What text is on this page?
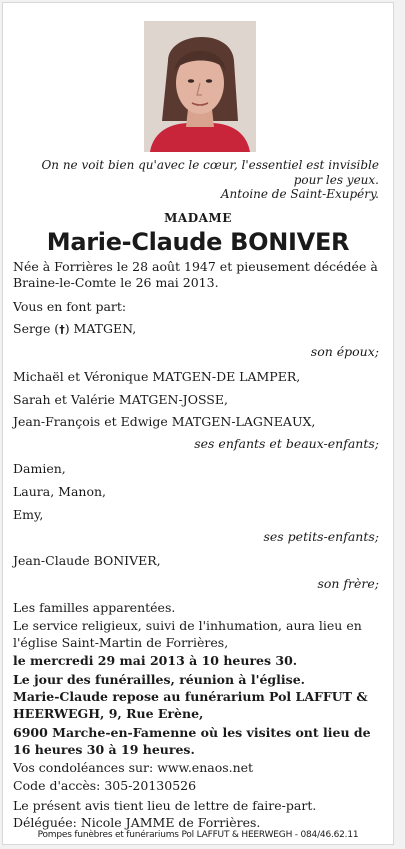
On ne voit bien qu'avec le cœur, l'essentiel est invisible
pour les yeux.
Antoine de Saint-Exupéry.
MADAME
Marie-Claude BONIVER
Née à Forrières le 28 août 1947 et pieusement décédée à
Braine-le-Comte le 26 mai 2013.
Vous en font part:
Serge (†) MATGEN,
son époux;
Michaël et Véronique MATGEN-DE LAMPER,
Sarah et Valérie MATGEN-JOSSE,
Jean-François et Edwige MATGEN-LAGNEAUX,
ses enfants et beaux-enfants;
Damien,
Laura, Manon,
Emy,
ses petits-enfants;
Jean-Claude BONIVER,
son frère;
Les familles apparentées.
Le service religieux, suivi de l'inhumation, aura lieu en
l'église Saint-Martin de Forrières,
le mercredi 29 mai 2013 à 10 heures 30.
Le jour des funérailles, réunion à l'église.
Marie-Claude repose au funérarium Pol LAFFUT &
HEERWEGH, 9, Rue Erène,
6900 Marche-en-Famenne où les visites ont lieu de
16 heures 30 à 19 heures.
Vos condoléances sur: www.enaos.net
Code d'accès: 305-20130526
Le présent avis tient lieu de lettre de faire-part.
Déléguée: Nicole JAMME de Forrières.
Pompes funèbres et funérariums Pol LAFFUT & HEERWEGH - 084/46.62.11
